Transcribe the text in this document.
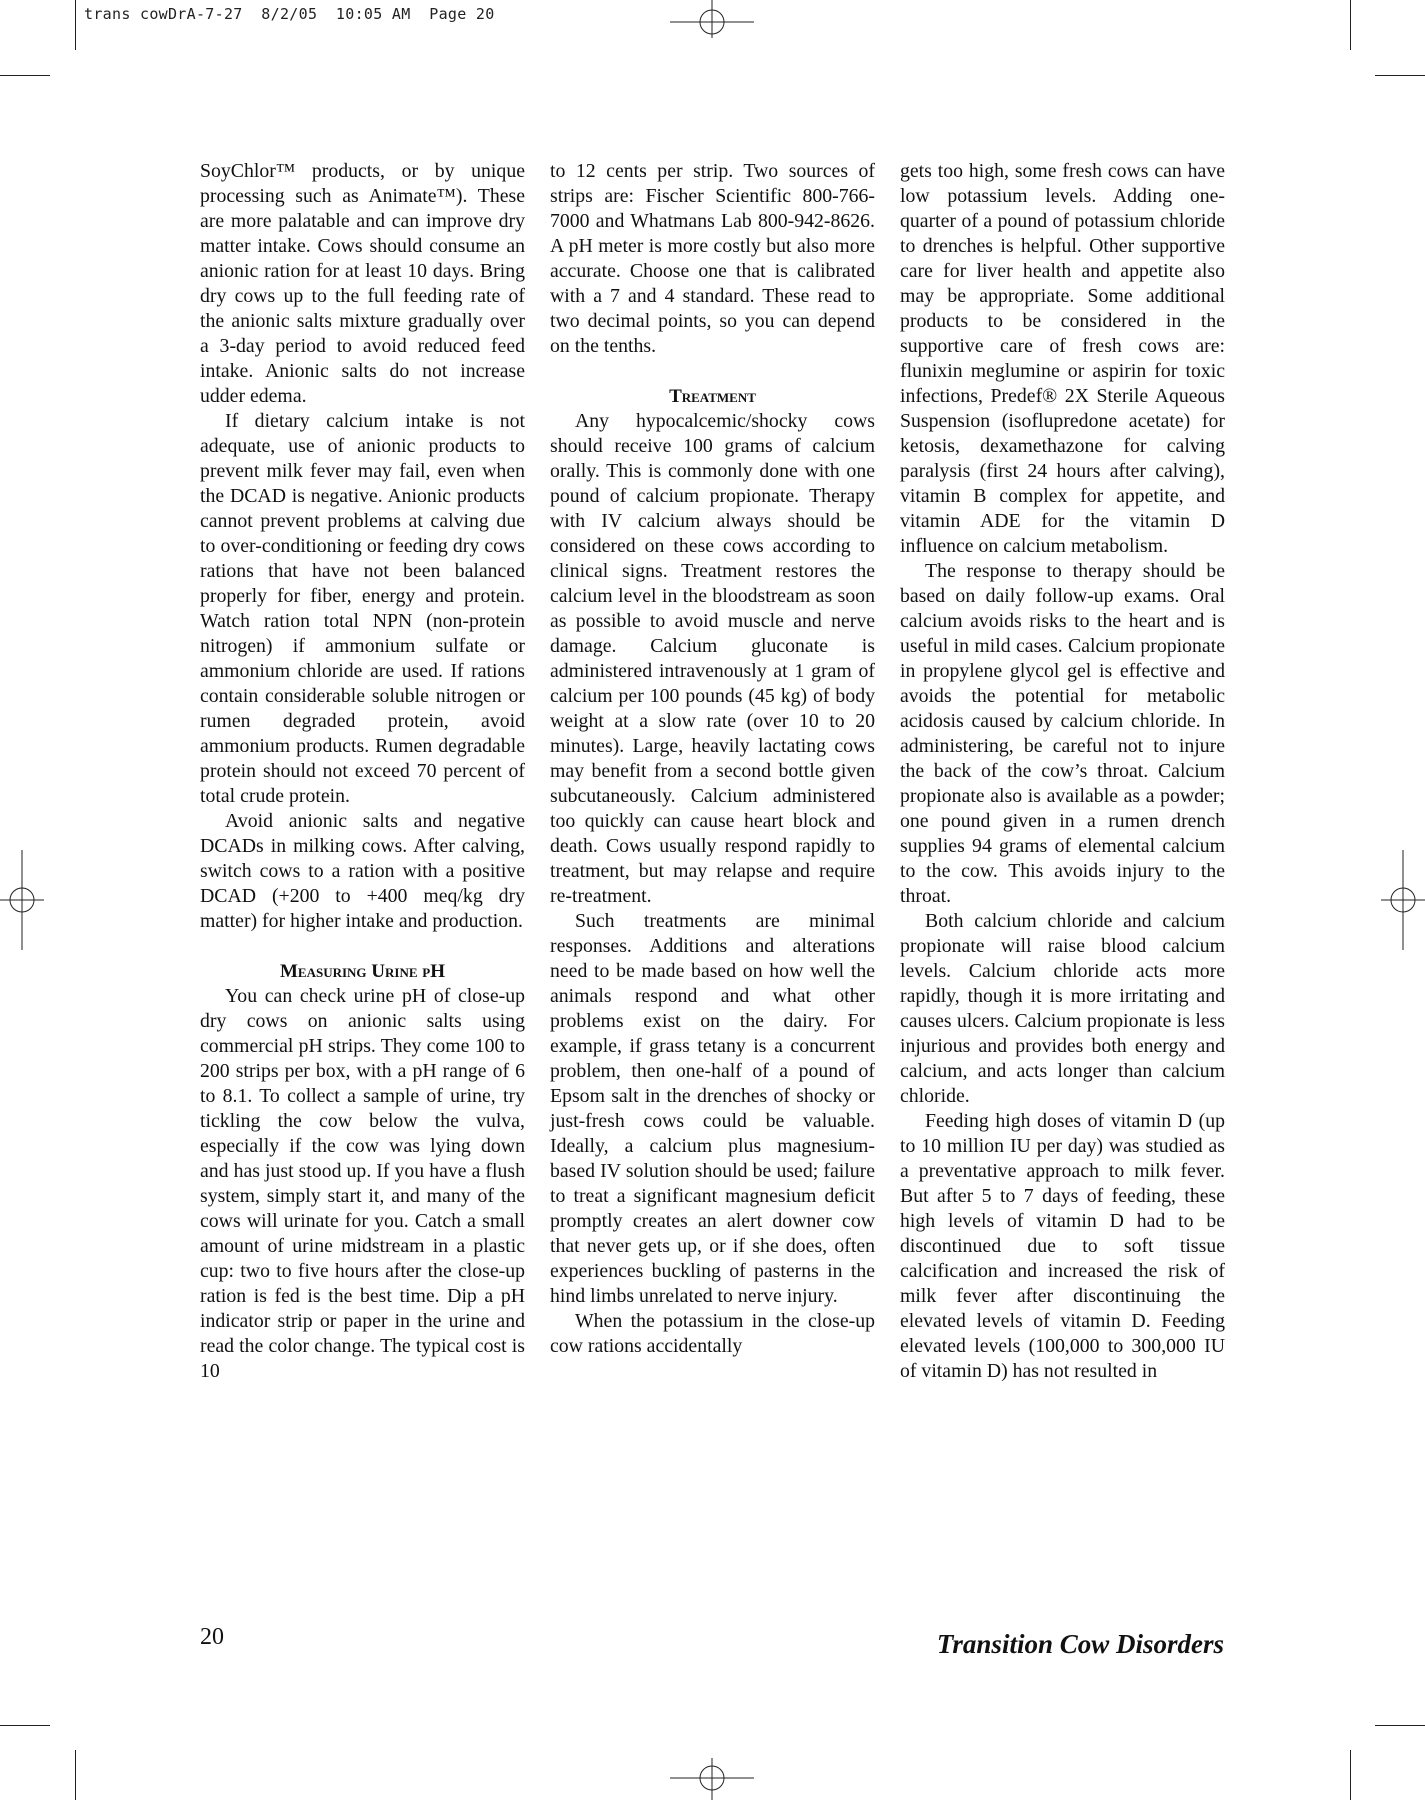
trans cowDrA-7-27  8/2/05  10:05 AM  Page 20

SoyChlor™ products, or by unique processing such as Animate™). These are more palatable and can improve dry matter intake. Cows should consume an anionic ration for at least 10 days. Bring dry cows up to the full feeding rate of the anionic salts mixture gradually over a 3-day period to avoid reduced feed intake. Anionic salts do not increase udder edema.

If dietary calcium intake is not adequate, use of anionic products to prevent milk fever may fail, even when the DCAD is negative. Anionic products cannot prevent problems at calving due to over-conditioning or feeding dry cows rations that have not been balanced properly for fiber, energy and protein. Watch ration total NPN (non-protein nitrogen) if ammonium sulfate or ammonium chloride are used. If rations contain considerable soluble nitrogen or rumen degraded protein, avoid ammonium products. Rumen degradable protein should not exceed 70 percent of total crude protein.

Avoid anionic salts and negative DCADs in milking cows. After calving, switch cows to a ration with a positive DCAD (+200 to +400 meq/kg dry matter) for higher intake and production.

Measuring Urine pH

You can check urine pH of close-up dry cows on anionic salts using commercial pH strips. They come 100 to 200 strips per box, with a pH range of 6 to 8.1. To collect a sample of urine, try tickling the cow below the vulva, especially if the cow was lying down and has just stood up. If you have a flush system, simply start it, and many of the cows will urinate for you. Catch a small amount of urine midstream in a plastic cup: two to five hours after the close-up ration is fed is the best time. Dip a pH indicator strip or paper in the urine and read the color change. The typical cost is 10

to 12 cents per strip. Two sources of strips are: Fischer Scientific 800-766-7000 and Whatmans Lab 800-942-8626. A pH meter is more costly but also more accurate. Choose one that is calibrated with a 7 and 4 standard. These read to two decimal points, so you can depend on the tenths.

Treatment

Any hypocalcemic/shocky cows should receive 100 grams of calcium orally. This is commonly done with one pound of calcium propionate. Therapy with IV calcium always should be considered on these cows according to clinical signs. Treatment restores the calcium level in the bloodstream as soon as possible to avoid muscle and nerve damage. Calcium gluconate is administered intravenously at 1 gram of calcium per 100 pounds (45 kg) of body weight at a slow rate (over 10 to 20 minutes). Large, heavily lactating cows may benefit from a second bottle given subcutaneously. Calcium administered too quickly can cause heart block and death. Cows usually respond rapidly to treatment, but may relapse and require re-treatment.

Such treatments are minimal responses. Additions and alterations need to be made based on how well the animals respond and what other problems exist on the dairy. For example, if grass tetany is a concurrent problem, then one-half of a pound of Epsom salt in the drenches of shocky or just-fresh cows could be valuable. Ideally, a calcium plus magnesium-based IV solution should be used; failure to treat a significant magnesium deficit promptly creates an alert downer cow that never gets up, or if she does, often experiences buckling of pasterns in the hind limbs unrelated to nerve injury.

When the potassium in the close-up cow rations accidentally

gets too high, some fresh cows can have low potassium levels. Adding one-quarter of a pound of potassium chloride to drenches is helpful. Other supportive care for liver health and appetite also may be appropriate. Some additional products to be considered in the supportive care of fresh cows are: flunixin meglumine or aspirin for toxic infections, Predef® 2X Sterile Aqueous Suspension (isoflupredone acetate) for ketosis, dexamethazone for calving paralysis (first 24 hours after calving), vitamin B complex for appetite, and vitamin ADE for the vitamin D influence on calcium metabolism.

The response to therapy should be based on daily follow-up exams. Oral calcium avoids risks to the heart and is useful in mild cases. Calcium propionate in propylene glycol gel is effective and avoids the potential for metabolic acidosis caused by calcium chloride. In administering, be careful not to injure the back of the cow’s throat. Calcium propionate also is available as a powder; one pound given in a rumen drench supplies 94 grams of elemental calcium to the cow. This avoids injury to the throat.

Both calcium chloride and calcium propionate will raise blood calcium levels. Calcium chloride acts more rapidly, though it is more irritating and causes ulcers. Calcium propionate is less injurious and provides both energy and calcium, and acts longer than calcium chloride.

Feeding high doses of vitamin D (up to 10 million IU per day) was studied as a preventative approach to milk fever. But after 5 to 7 days of feeding, these high levels of vitamin D had to be discontinued due to soft tissue calcification and increased the risk of milk fever after discontinuing the elevated levels of vitamin D. Feeding elevated levels (100,000 to 300,000 IU of vitamin D) has not resulted in

20	Transition Cow Disorders
